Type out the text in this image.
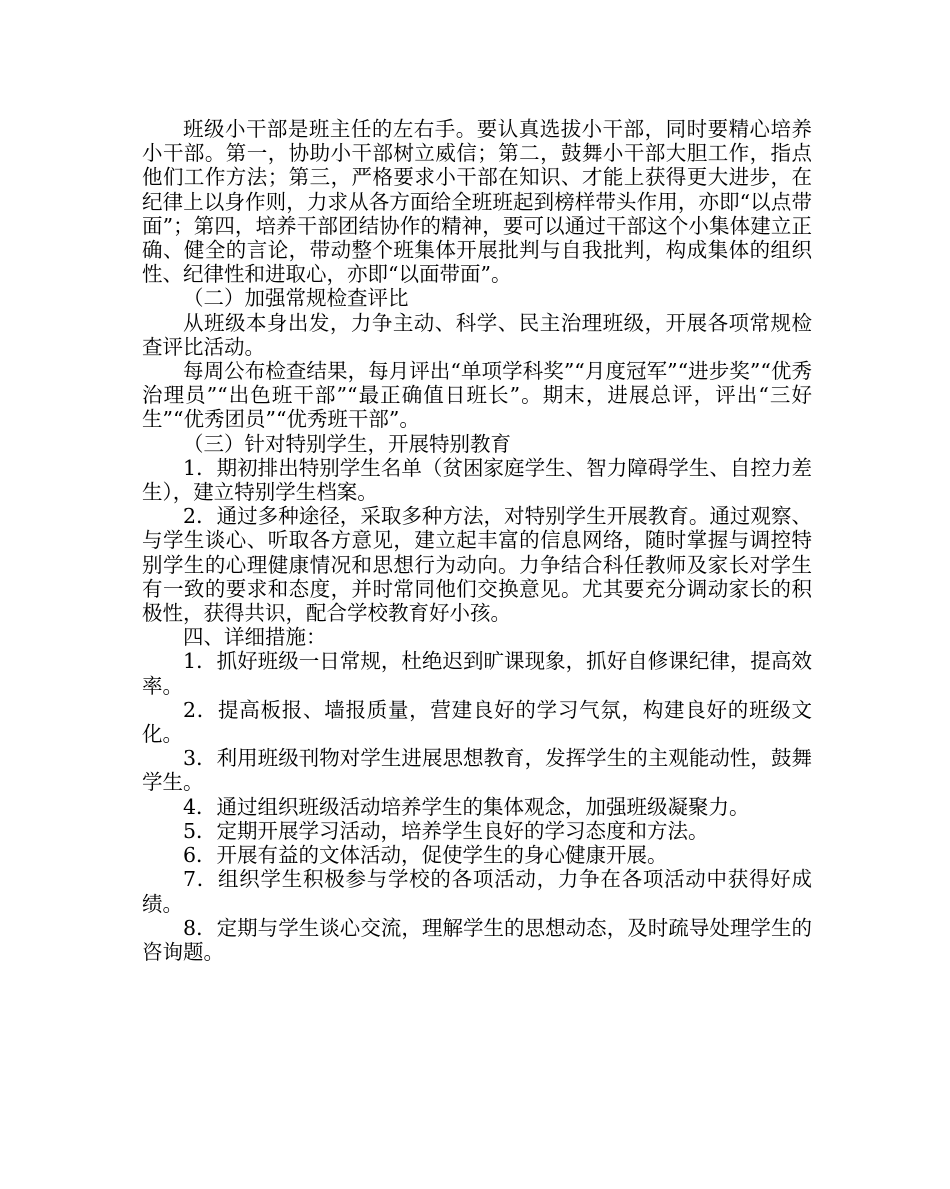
班级小干部是班主任的左右手。要认真选拔小干部，同时要精心培养小干部。第一，协助小干部树立威信；第二，鼓舞小干部大胆工作，指点他们工作方法；第三，严格要求小干部在知识、才能上获得更大进步，在纪律上以身作则，力求从各方面给全班班起到榜样带头作用，亦即“以点带面”；第四，培养干部团结协作的精神，要可以通过干部这个小集体建立正确、健全的言论，带动整个班集体开展批判与自我批判，构成集体的组织性、纪律性和进取心，亦即“以面带面”。

（二）加强常规检查评比

从班级本身出发，力争主动、科学、民主治理班级，开展各项常规检查评比活动。

每周公布检查结果，每月评出“单项学科奖”“月度冠军”“进步奖”“优秀治理员”“出色班干部”“最正确值日班长”。期末，进展总评，评出“三好生”“优秀团员”“优秀班干部”。

（三）针对特别学生，开展特别教育

1．期初排出特别学生名单（贫困家庭学生、智力障碍学生、自控力差生），建立特别学生档案。

2．通过多种途径，采取多种方法，对特别学生开展教育。通过观察、与学生谈心、听取各方意见，建立起丰富的信息网络，随时掌握与调控特别学生的心理健康情况和思想行为动向。力争结合科任教师及家长对学生有一致的要求和态度，并时常同他们交换意见。尤其要充分调动家长的积极性，获得共识，配合学校教育好小孩。

四、详细措施：

1．抓好班级一日常规，杜绝迟到旷课现象，抓好自修课纪律，提高效率。

2．提高板报、墙报质量，营建良好的学习气氛，构建良好的班级文化。

3．利用班级刊物对学生进展思想教育，发挥学生的主观能动性，鼓舞学生。

4．通过组织班级活动培养学生的集体观念，加强班级凝聚力。

5．定期开展学习活动，培养学生良好的学习态度和方法。

6．开展有益的文体活动，促使学生的身心健康开展。

7．组织学生积极参与学校的各项活动，力争在各项活动中获得好成绩。

8．定期与学生谈心交流，理解学生的思想动态，及时疏导处理学生的咨询题。
